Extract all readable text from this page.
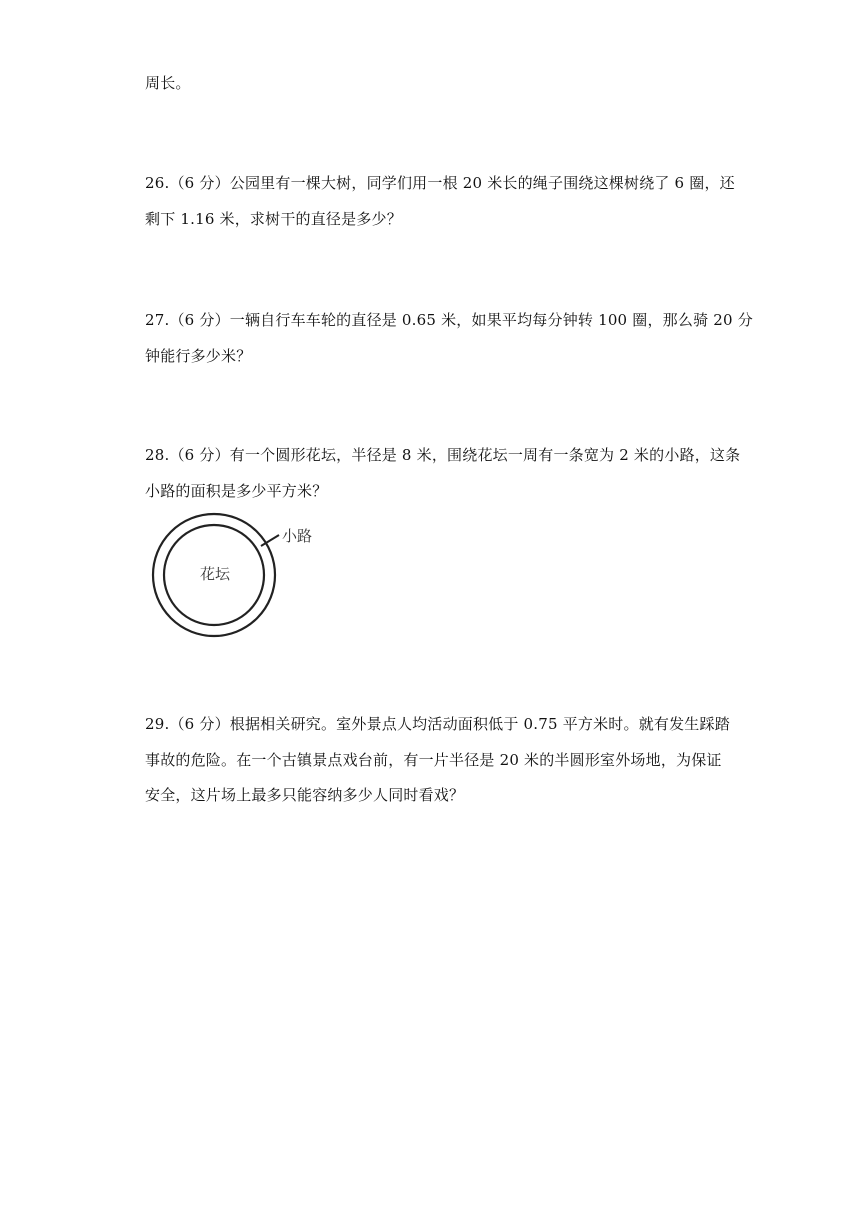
周长。
26.（6 分）公园里有一棵大树，同学们用一根 20 米长的绳子围绕这棵树绕了 6 圈，还
剩下 1.16 米，求树干的直径是多少？
27.（6 分）一辆自行车车轮的直径是 0.65 米，如果平均每分钟转 100 圈，那么骑 20 分
钟能行多少米？
28.（6 分）有一个圆形花坛，半径是 8 米，围绕花坛一周有一条宽为 2 米的小路，这条
小路的面积是多少平方米？
小路
花坛
29.（6 分）根据相关研究。室外景点人均活动面积低于 0.75 平方米时。就有发生踩踏
事故的危险。在一个古镇景点戏台前，有一片半径是 20 米的半圆形室外场地，为保证
安全，这片场上最多只能容纳多少人同时看戏？
